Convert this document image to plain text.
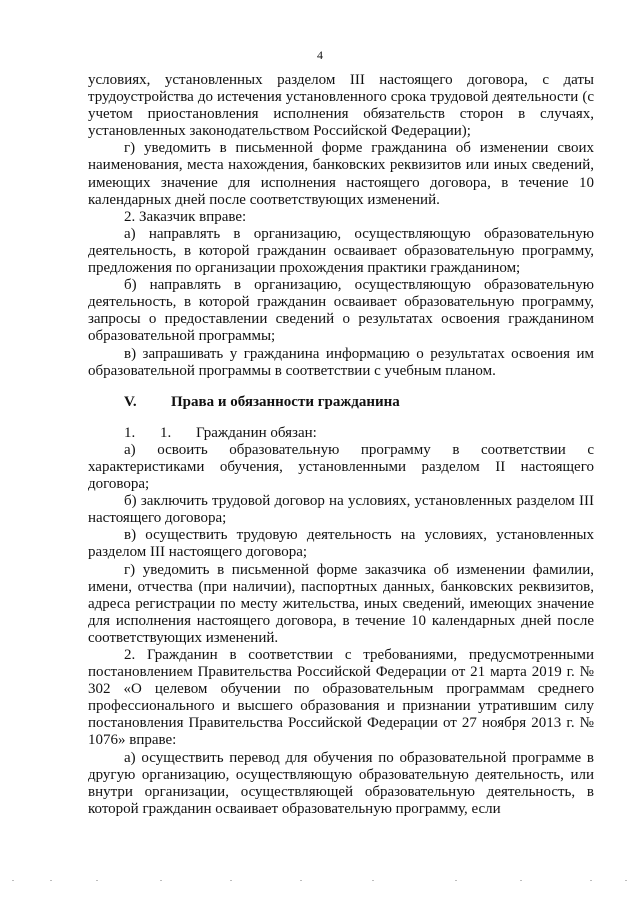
4

условиях, установленных разделом III настоящего договора, с даты трудоустройства до истечения установленного срока трудовой деятельности (с учетом приостановления исполнения обязательств сторон в случаях, установленных законодательством Российской Федерации);

г) уведомить в письменной форме гражданина об изменении своих наименования, места нахождения, банковских реквизитов или иных сведений, имеющих значение для исполнения настоящего договора, в течение 10 календарных дней после соответствующих изменений.

2. Заказчик вправе:

а) направлять в организацию, осуществляющую образовательную деятельность, в которой гражданин осваивает образовательную программу, предложения по организации прохождения практики гражданином;

б) направлять в организацию, осуществляющую образовательную деятельность, в которой гражданин осваивает образовательную программу, запросы о предоставлении сведений о результатах освоения гражданином образовательной программы;

в) запрашивать у гражданина информацию о результатах освоения им образовательной программы в соответствии с учебным планом.

V.	Права и обязанности гражданина
1.	1.	Гражданин обязан:

а) освоить образовательную программу в соответствии с характеристиками обучения, установленными разделом II настоящего договора;

б) заключить трудовой договор на условиях, установленных разделом III настоящего договора;

в) осуществить трудовую деятельность на условиях, установленных разделом III настоящего договора;

г) уведомить в письменной форме заказчика об изменении фамилии, имени, отчества (при наличии), паспортных данных, банковских реквизитов, адреса регистрации по месту жительства, иных сведений, имеющих значение для исполнения настоящего договора, в течение 10 календарных дней после соответствующих изменений.

2. Гражданин в соответствии с требованиями, предусмотренными постановлением Правительства Российской Федерации от 21 марта 2019 г. № 302 «О целевом обучении по образовательным программам среднего профессионального и высшего образования и признании утратившим силу постановления Правительства Российской Федерации от 27 ноября 2013 г. № 1076» вправе:

а) осуществить перевод для обучения по образовательной программе в другую организацию, осуществляющую образовательную деятельность, или внутри организации, осуществляющей образовательную деятельность, в которой гражданин осваивает образовательную программу, если
